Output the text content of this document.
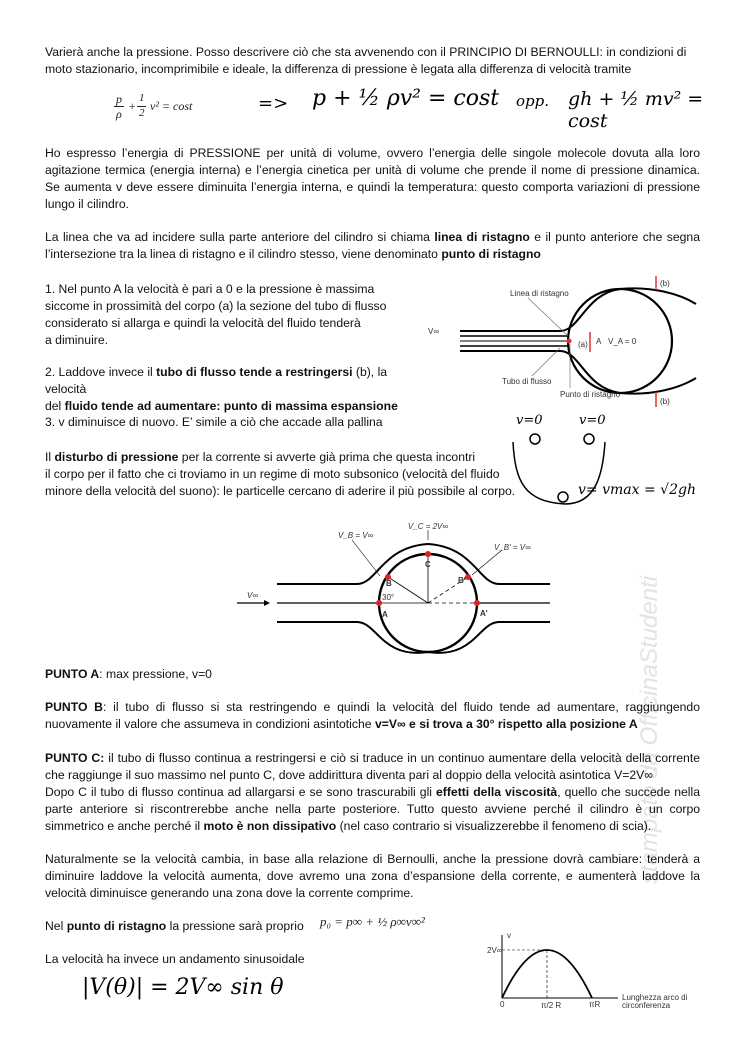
Varierà anche la pressione. Posso descrivere ciò che sta avvenendo con il PRINCIPIO DI BERNOULLI: in condizioni di
moto stazionario, incomprimibile e ideale, la differenza di pressione è legata alla differenza di velocità tramite

p
ρ
+
1
2 v² = cost	=> p + ½ ρv² = cost opp. gh + ½ mv² = cost

Ho espresso l’energia di PRESSIONE per unità di volume, ovvero l’energia delle singole molecole dovuta alla loro
agitazione termica (energia interna) e l’energia cinetica per unità di volume che prende il nome di pressione dinamica.
Se aumenta v deve essere diminuita l’energia interna, e quindi la temperatura: questo comporta variazioni di pressione
lungo il cilindro.

La linea che va ad incidere sulla parte anteriore del cilindro si chiama linea di ristagno e il punto anteriore che segna
l’intersezione tra la linea di ristagno e il cilindro stesso, viene denominato punto di ristagno

1. Nel punto A la velocità è pari a 0 e la pressione è massima
siccome in prossimità del corpo (a) la sezione del tubo di flusso
considerato si allarga e quindi la velocità del fluido tenderà
a diminuire.

2. Laddove invece il tubo di flusso tende a restringersi (b), la velocità
del fluido tende ad aumentare: punto di massima espansione

3. v diminuisce di nuovo. E’ simile a ciò che accade alla pallina

Linea di ristagno
Tubo di flusso
Punto di ristagno
V∞
V_A = 0
(a) A
(b)
(b)
v=0	v=0
v= vmax = √2gh

Il disturbo di pressione per la corrente si avverte già prima che questa incontri
il corpo per il fatto che ci troviamo in un regime di moto subsonico (velocità del fluido
minore della velocità del suono): le particelle cercano di aderire il più possibile al corpo.

V_C = 2V∞
V_B = V∞
V_B' = V∞
V∞
B
C
B'
A	A'
30°	stampato da OfficinaStudenti

PUNTO A: max pressione, v=0

PUNTO B: il tubo di flusso si sta restringendo e quindi la velocità del fluido tende ad aumentare, raggiungendo
nuovamente il valore che assumeva in condizioni asintotiche v=V∞ e si trova a 30° rispetto alla posizione A

PUNTO C: il tubo di flusso continua a restringersi e ciò si traduce in un continuo aumentare della velocità della corrente
che raggiunge il suo massimo nel punto C, dove addirittura diventa pari al doppio della velocità asintotica V=2V∞
Dopo C il tubo di flusso continua ad allargarsi e se sono trascurabili gli effetti della viscosità, quello che succede nella
parte anteriore si riscontrerebbe anche nella parte posteriore. Tutto questo avviene perché il cilindro è un corpo
simmetrico e anche perché il moto è non dissipativo (nel caso contrario si visualizzerebbe il fenomeno di scia).

Naturalmente se la velocità cambia, in base alla relazione di Bernoulli, anche la pressione dovrà cambiare: tenderà a
diminuire laddove la velocità aumenta, dove avremo una zona d’espansione della corrente, e aumenterà laddove la
velocità diminuisce generando una zona dove la corrente comprime.

Nel punto di ristagno la pressione sarà proprio	p₀ = p∞ + ½ ρ∞v∞²

La velocità ha invece un andamento sinusoidale

|V(θ)| = 2V∞ sin θ
v
2V∞
0	π/2 R	πR
Lunghezza arco di
circonferenza
